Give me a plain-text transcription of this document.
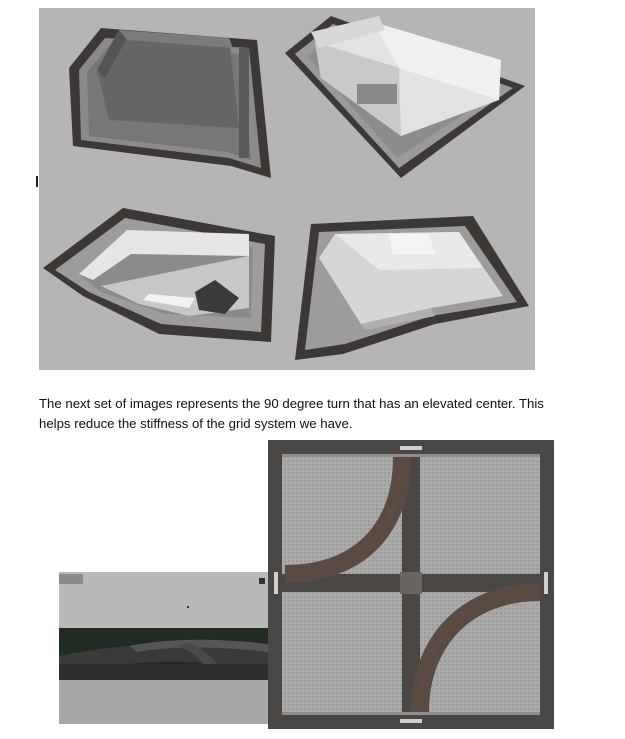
The next set of images represents the 90 degree turn that has an elevated center. This helps reduce the stiffness of the grid system we have.
